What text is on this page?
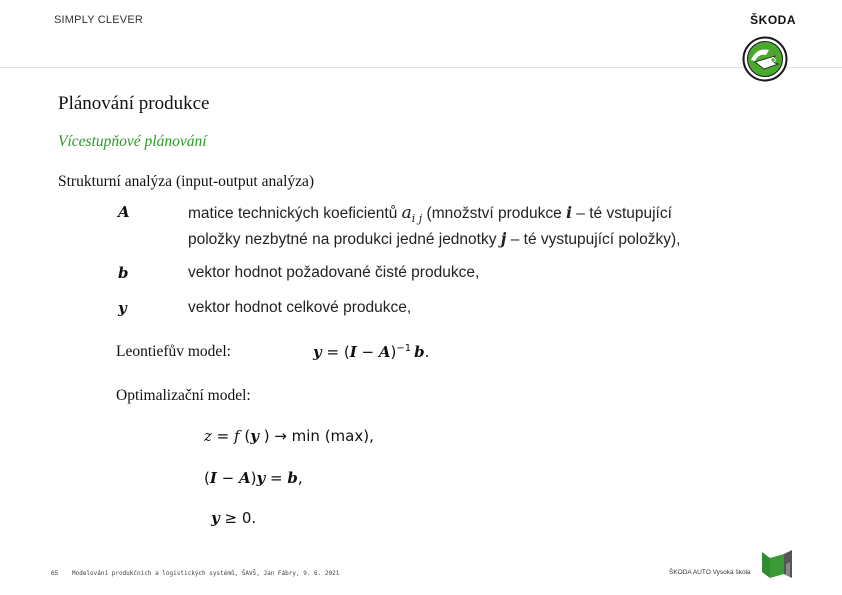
SIMPLY CLEVER	ŠKODA
Plánování produkce
Vícestupňové plánování
Strukturní analýza (input-output analýza)
A	matice technických koeficientů $a_{i j}$ (množství produkce i – té vstupující
položky nezbytné na produkci jedné jednotky j – té vystupující položky),
b	vektor hodnot požadované čisté produkce,
y	vektor hodnot celkové produkce,
Leontiefův model:	$y = (I - A)^{-1}$ b.
Optimalizační model:
z = f (y ) → min (max),
(I − A)y = b,
y ≥ 0.
65 Modelování produkčních a logistických systémů, ŠAVŠ, Jan Fábry, 9. 6. 2021	ŠKODA AUTO Vysoká škola
